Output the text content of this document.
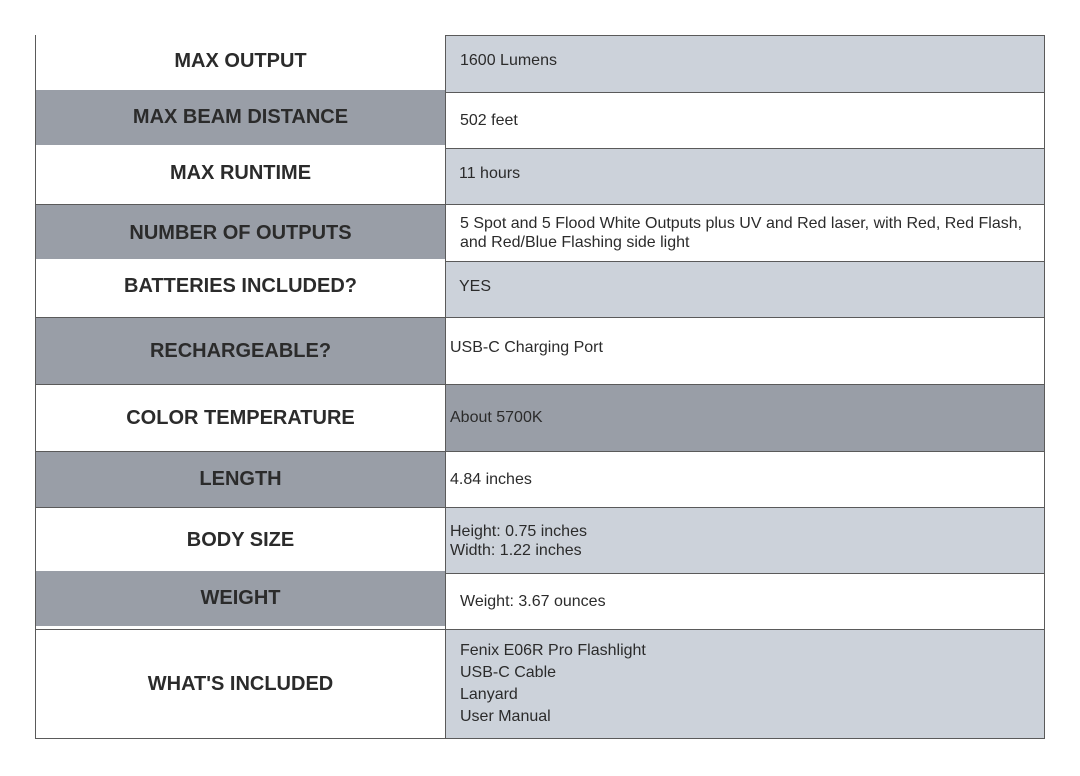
MAX OUTPUT	1600 Lumens

MAX BEAM DISTANCE	502 feet

MAX RUNTIME	11 hours

NUMBER OF OUTPUTS	5 Spot and 5 Flood White Outputs plus UV and Red laser, with Red, Red Flash,
and Red/Blue Flashing side light

BATTERIES INCLUDED?	YES

RECHARGEABLE?	USB-C Charging Port

COLOR TEMPERATURE	About 5700K

LENGTH	4.84 inches

BODY SIZE	Height: 0.75 inches
Width: 1.22 inches

WEIGHT	Weight: 3.67 ounces

WHAT'S INCLUDED	Fenix E06R Pro Flashlight
USB-C Cable
Lanyard
User Manual
